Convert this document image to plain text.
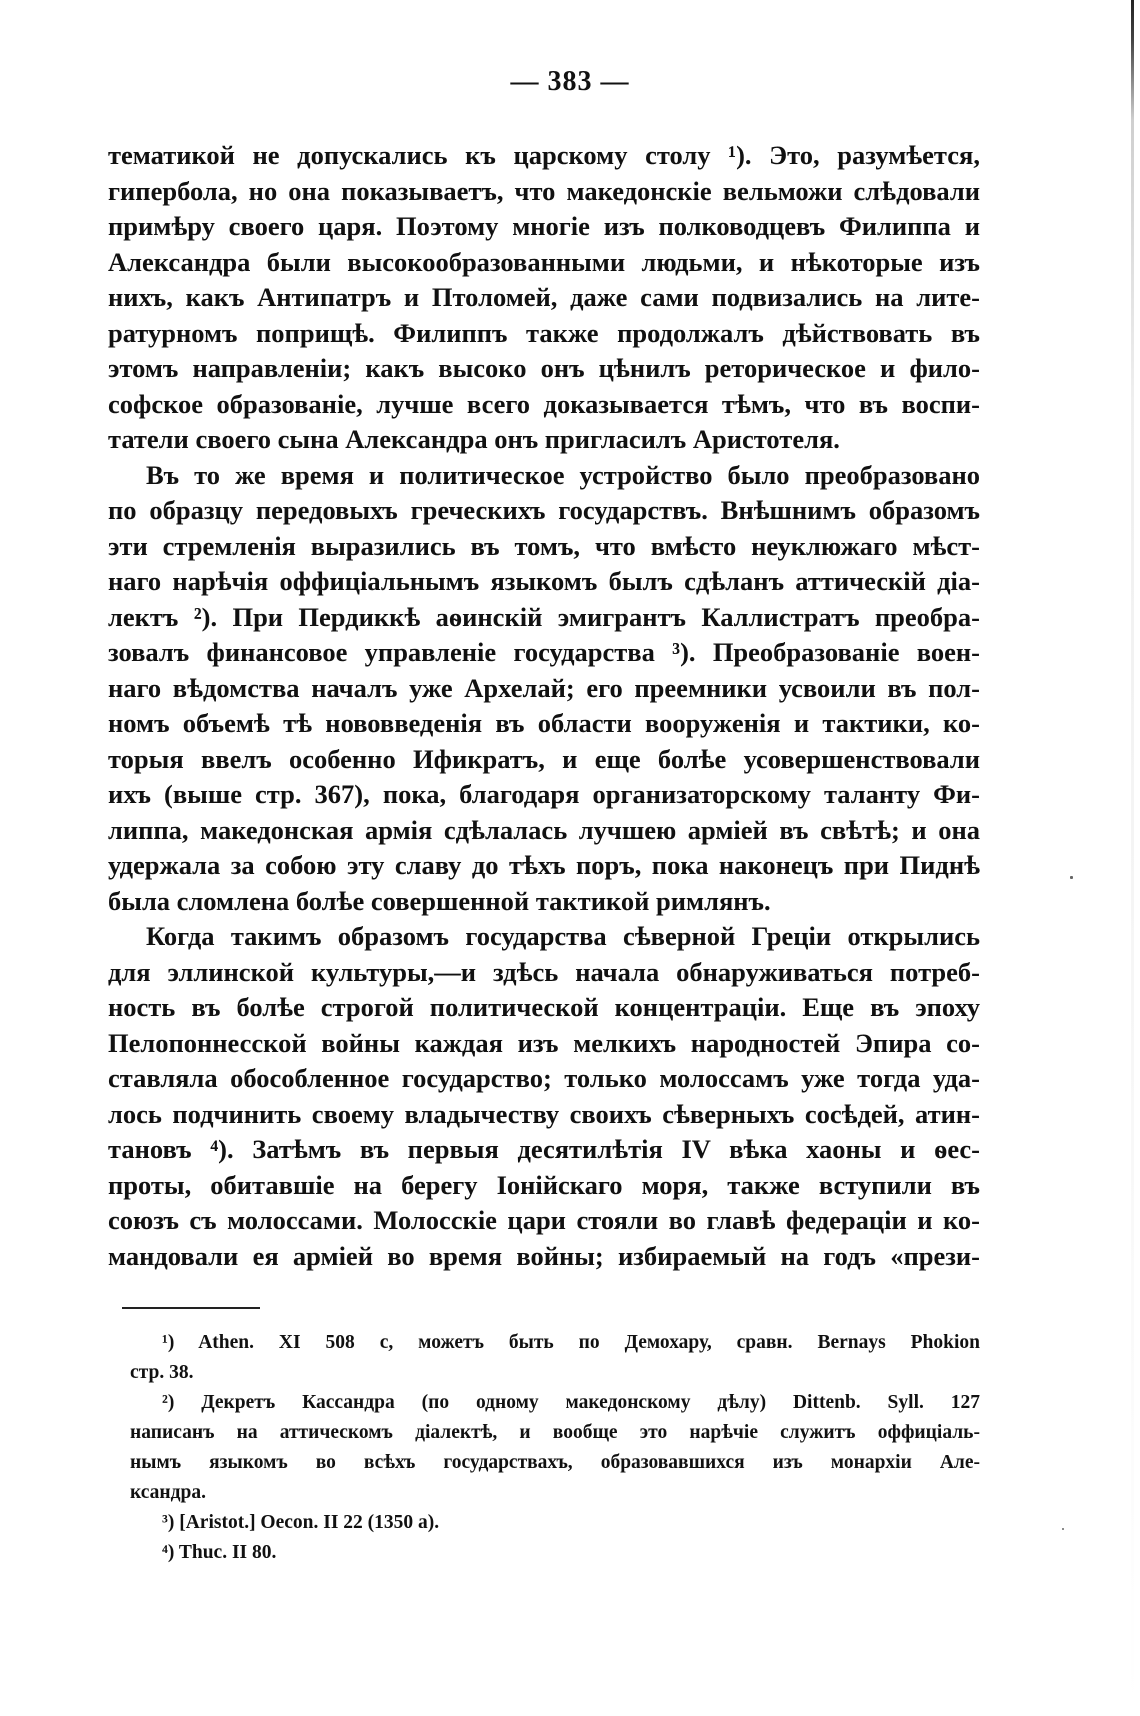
— 383 —
тематикой не допускались къ царскому столу ¹). Это, разумѣется,
гипербола, но она показываетъ, что македонскіе вельможи слѣдовали
примѣру своего царя. Поэтому многіе изъ полководцевъ Филиппа и
Александра были высокообразованными людьми, и нѣкоторые изъ
нихъ, какъ Антипатръ и Птоломей, даже сами подвизались на лите-
ратурномъ поприщѣ. Филиппъ также продолжалъ дѣйствовать въ
этомъ направленіи; какъ высоко онъ цѣнилъ реторическое и фило-
софское образованіе, лучше всего доказывается тѣмъ, что въ воспи-
татели своего сына Александра онъ пригласилъ Аристотеля.
Въ то же время и политическое устройство было преобразовано
по образцу передовыхъ греческихъ государствъ. Внѣшнимъ образомъ
эти стремленія выразились въ томъ, что вмѣсто неуклюжаго мѣст-
наго нарѣчія оффиціальнымъ языкомъ былъ сдѣланъ аттическій діа-
лектъ ²). При Пердиккѣ аѳинскій эмигрантъ Каллистратъ преобра-
зовалъ финансовое управленіе государства ³). Преобразованіе воен-
наго вѣдомства началъ уже Архелай; его преемники усвоили въ пол-
номъ объемѣ тѣ нововведенія въ области вооруженія и тактики, ко-
торыя ввелъ особенно Ификратъ, и еще болѣе усовершенствовали
ихъ (выше стр. 367), пока, благодаря организаторскому таланту Фи-
липпа, македонская армія сдѣлалась лучшею арміей въ свѣтѣ; и она
удержала за собою эту славу до тѣхъ поръ, пока наконецъ при Пиднѣ
была сломлена болѣе совершенной тактикой римлянъ.
Когда такимъ образомъ государства сѣверной Греціи открылись
для эллинской культуры,—и здѣсь начала обнаруживаться потреб-
ность въ болѣе строгой политической концентраціи. Еще въ эпоху
Пелопоннесской войны каждая изъ мелкихъ народностей Эпира со-
ставляла обособленное государство; только молоссамъ уже тогда уда-
лось подчинить своему владычеству своихъ сѣверныхъ сосѣдей, атин-
тановъ ⁴). Затѣмъ въ первыя десятилѣтія IV вѣка хаоны и ѳес-
проты, обитавшіе на берегу Іонійскаго моря, также вступили въ
союзъ съ молоссами. Молосскіе цари стояли во главѣ федераціи и ко-
мандовали ея арміей во время войны; избираемый на годъ «прези-
¹) Athen. XI 508 c, можетъ быть по Демохару, сравн. Bernays Phokion
стр. 38.
²) Декретъ Кассандра (по одному македонскому дѣлу) Dittenb. Syll. 127
написанъ на аттическомъ діалектѣ, и вообще это нарѣчіе служитъ оффиціаль-
нымъ языкомъ во всѣхъ государствахъ, образовавшихся изъ монархіи Але-
ксандра.
³) [Aristot.] Oecon. II 22 (1350 a).
⁴) Thuc. II 80.
